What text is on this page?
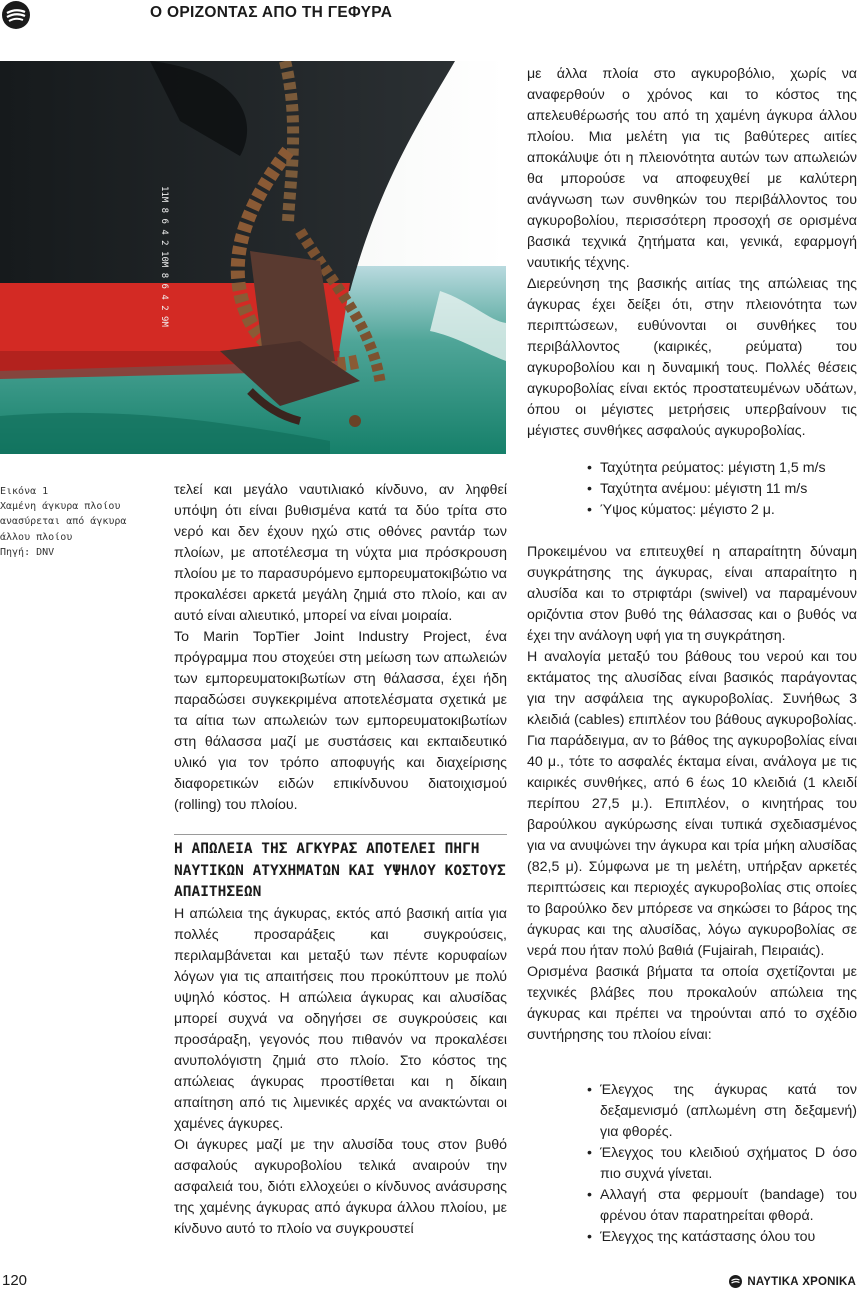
Ο ΟΡΙΖΟΝΤΑΣ ΑΠΟ ΤΗ ΓΕΦΥΡΑ
11M 8 6 4 2 10M 8 6 4 2 9M
Εικόνα 1
Χαμένη άγκυρα πλοίου
ανασύρεται από άγκυρα
άλλου πλοίου
Πηγή: DNV

με άλλα πλοία στο αγκυροβόλιο, χωρίς να αναφερθούν ο χρόνος και το κόστος της απελευθέρωσής του από τη χαμένη άγκυρα άλλου πλοίου. Μια μελέτη για τις βαθύτερες αιτίες αποκάλυψε ότι η πλειονότητα αυτών των απωλειών θα μπορούσε να αποφευχθεί με καλύτερη ανάγνωση των συνθηκών του περιβάλλοντος του αγκυροβολίου, περισσότερη προσοχή σε ορισμένα βασικά τεχνικά ζητήματα και, γενικά, εφαρμογή ναυτικής τέχνης.

Διερεύνηση της βασικής αιτίας της απώλειας της άγκυρας έχει δείξει ότι, στην πλειονότητα των περιπτώσεων, ευθύνονται οι συνθήκες του περιβάλλοντος (καιρικές, ρεύματα) του αγκυροβολίου και η δυναμική τους. Πολλές θέσεις αγκυροβολίας είναι εκτός προστατευμένων υδάτων, όπου οι μέγιστες μετρήσεις υπερβαίνουν τις μέγιστες συνθήκες ασφαλούς αγκυροβολίας.

τελεί και μεγάλο ναυτιλιακό κίνδυνο, αν ληφθεί υπόψη ότι είναι βυθισμένα κατά τα δύο τρίτα στο νερό και δεν έχουν ηχώ στις οθόνες ραντάρ των πλοίων, με αποτέλεσμα τη νύχτα μια πρόσκρουση πλοίου με το παρασυρόμενο εμπορευματοκιβώτιο να προκαλέσει αρκετά μεγάλη ζημιά στο πλοίο, και αν αυτό είναι αλιευτικό, μπορεί να είναι μοιραία.

Το Marin TopTier Joint Industry Project, ένα πρόγραμμα που στοχεύει στη μείωση των απωλειών των εμπορευματοκιβωτίων στη θάλασσα, έχει ήδη παραδώσει συγκεκριμένα αποτελέσματα σχετικά με τα αίτια των απωλειών των εμπορευματοκιβωτίων στη θάλασσα μαζί με συστάσεις και εκπαιδευτικό υλικό για τον τρόπο αποφυγής και διαχείρισης διαφορετικών ειδών επικίνδυνου διατοιχισμού (rolling) του πλοίου.

Η ΑΠΩΛΕΙΑ ΤΗΣ ΑΓΚΥΡΑΣ ΑΠΟΤΕΛΕΙ ΠΗΓΗ ΝΑΥΤΙΚΩΝ ΑΤΥΧΗΜΑΤΩΝ ΚΑΙ ΥΨΗΛΟΥ ΚΟΣΤΟΥΣ ΑΠΑΙΤΗΣΕΩΝ

Η απώλεια της άγκυρας, εκτός από βασική αιτία για πολλές προσαράξεις και συγκρούσεις, περιλαμβάνεται και μεταξύ των πέντε κορυφαίων λόγων για τις απαιτήσεις που προκύπτουν με πολύ υψηλό κόστος. Η απώλεια άγκυρας και αλυσίδας μπορεί συχνά να οδηγήσει σε συγκρούσεις και προσάραξη, γεγονός που πιθανόν να προκαλέσει ανυπολόγιστη ζημιά στο πλοίο. Στο κόστος της απώλειας άγκυρας προστίθεται και η δίκαιη απαίτηση από τις λιμενικές αρχές να ανακτώνται οι χαμένες άγκυρες.

Οι άγκυρες μαζί με την αλυσίδα τους στον βυθό ασφαλούς αγκυροβολίου τελικά αναιρούν την ασφαλειά του, διότι ελλοχεύει ο κίνδυνος ανάσυρσης της χαμένης άγκυρας από άγκυρα άλλου πλοίου, με κίνδυνο αυτό το πλοίο να συγκρουστεί

• Ταχύτητα ρεύματος: μέγιστη 1,5 m/s
• Ταχύτητα ανέμου: μέγιστη 11 m/s
• Ύψος κύματος: μέγιστο 2 μ.

Προκειμένου να επιτευχθεί η απαραίτητη δύναμη συγκράτησης της άγκυρας, είναι απαραίτητο η αλυσίδα και το στριφτάρι (swivel) να παραμένουν οριζόντια στον βυθό της θάλασσας και ο βυθός να έχει την ανάλογη υφή για τη συγκράτηση.

Η αναλογία μεταξύ του βάθους του νερού και του εκτάματος της αλυσίδας είναι βασικός παράγοντας για την ασφάλεια της αγκυροβολίας. Συνήθως 3 κλειδιά (cables) επιπλέον του βάθους αγκυροβολίας. Για παράδειγμα, αν το βάθος της αγκυροβολίας είναι 40 μ., τότε το ασφαλές έκταμα είναι, ανάλογα με τις καιρικές συνθήκες, από 6 έως 10 κλειδιά (1 κλειδί περίπου 27,5 μ.). Επιπλέον, ο κινητήρας του βαρούλκου αγκύρωσης είναι τυπικά σχεδιασμένος για να ανυψώνει την άγκυρα και τρία μήκη αλυσίδας (82,5 μ). Σύμφωνα με τη μελέτη, υπήρξαν αρκετές περιπτώσεις και περιοχές αγκυροβολίας στις οποίες το βαρούλκο δεν μπόρεσε να σηκώσει το βάρος της άγκυρας και της αλυσίδας, λόγω αγκυροβολίας σε νερά που ήταν πολύ βαθιά (Fujairah, Πειραιάς).

Ορισμένα βασικά βήματα τα οποία σχετίζονται με τεχνικές βλάβες που προκαλούν απώλεια της άγκυρας και πρέπει να τηρούνται από το σχέδιο συντήρησης του πλοίου είναι:

• Έλεγχος της άγκυρας κατά τον δεξαμενισμό (απλωμένη στη δεξαμενή) για φθορές.
• Έλεγχος του κλειδιού σχήματος D όσο πιο συχνά γίνεται.
• Αλλαγή στα φερμουίτ (bandage) του φρένου όταν παρατηρείται φθορά.
• Έλεγχος της κατάστασης όλου του
120	ΝΑΥΤΙΚΑ ΧΡΟΝΙΚΑ
